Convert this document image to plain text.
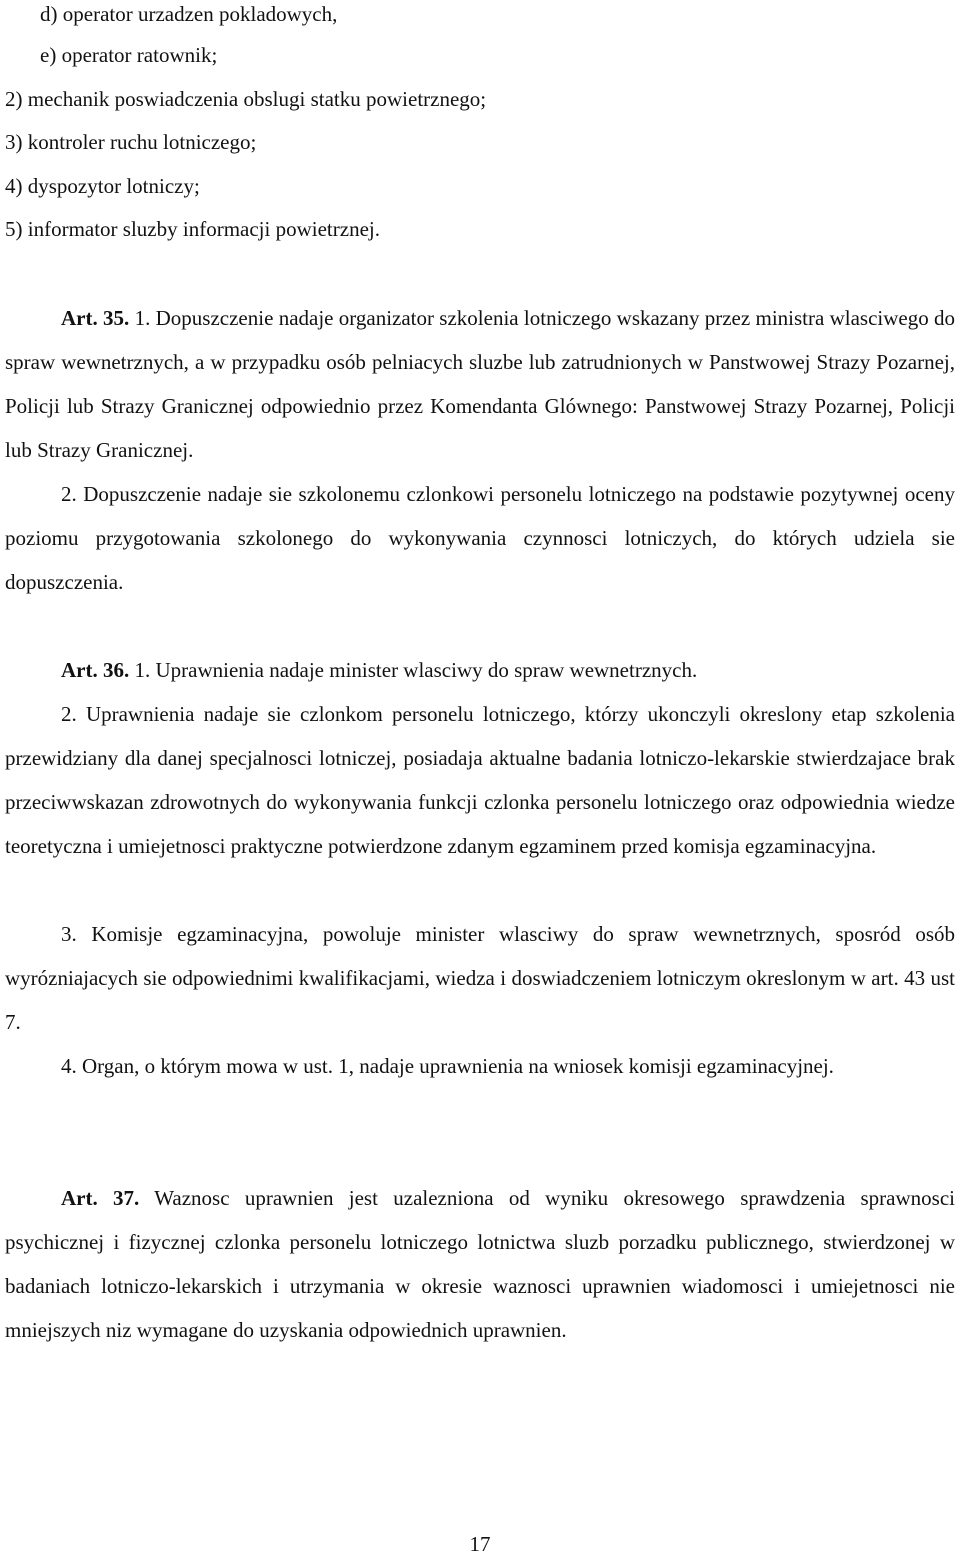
d) operator urzadzen pokladowych,
e) operator ratownik;
2) mechanik poswiadczenia obslugi statku powietrznego;
3) kontroler ruchu lotniczego;
4) dyspozytor lotniczy;
5) informator sluzby informacji powietrznej.
Art. 35. 1. Dopuszczenie nadaje organizator szkolenia lotniczego wskazany przez ministra wlasciwego do spraw wewnetrznych, a w przypadku osób pelniacych sluzbe lub zatrudnionych w Panstwowej Strazy Pozarnej, Policji lub Strazy Granicznej odpowiednio przez Komendanta Glównego: Panstwowej Strazy Pozarnej, Policji lub Strazy Granicznej.
2. Dopuszczenie nadaje sie szkolonemu czlonkowi personelu lotniczego na podstawie pozytywnej oceny poziomu przygotowania szkolonego do wykonywania czynnosci lotniczych, do których udziela sie dopuszczenia.
Art. 36. 1. Uprawnienia nadaje minister wlasciwy do spraw wewnetrznych.
2. Uprawnienia nadaje sie czlonkom personelu lotniczego, którzy ukonczyli okreslony etap szkolenia przewidziany dla danej specjalnosci lotniczej, posiadaja aktualne badania lotniczo-lekarskie stwierdzajace brak przeciwwskazan zdrowotnych do wykonywania funkcji czlonka personelu lotniczego oraz odpowiednia wiedze teoretyczna i umiejetnosci praktyczne potwierdzone zdanym egzaminem przed komisja egzaminacyjna.
3. Komisje egzaminacyjna, powoluje minister wlasciwy do spraw wewnetrznych, sposród osób wyrózniajacych sie odpowiednimi kwalifikacjami, wiedza i doswiadczeniem lotniczym okreslonym w art. 43 ust 7.
4. Organ, o którym mowa w ust. 1, nadaje uprawnienia na wniosek komisji egzaminacyjnej.
Art. 37. Waznosc uprawnien jest uzalezniona od wyniku okresowego sprawdzenia sprawnosci psychicznej i fizycznej czlonka personelu lotniczego lotnictwa sluzb porzadku publicznego, stwierdzonej w badaniach lotniczo-lekarskich i utrzymania w okresie waznosci uprawnien wiadomosci i umiejetnosci nie mniejszych niz wymagane do uzyskania odpowiednich uprawnien.
17
